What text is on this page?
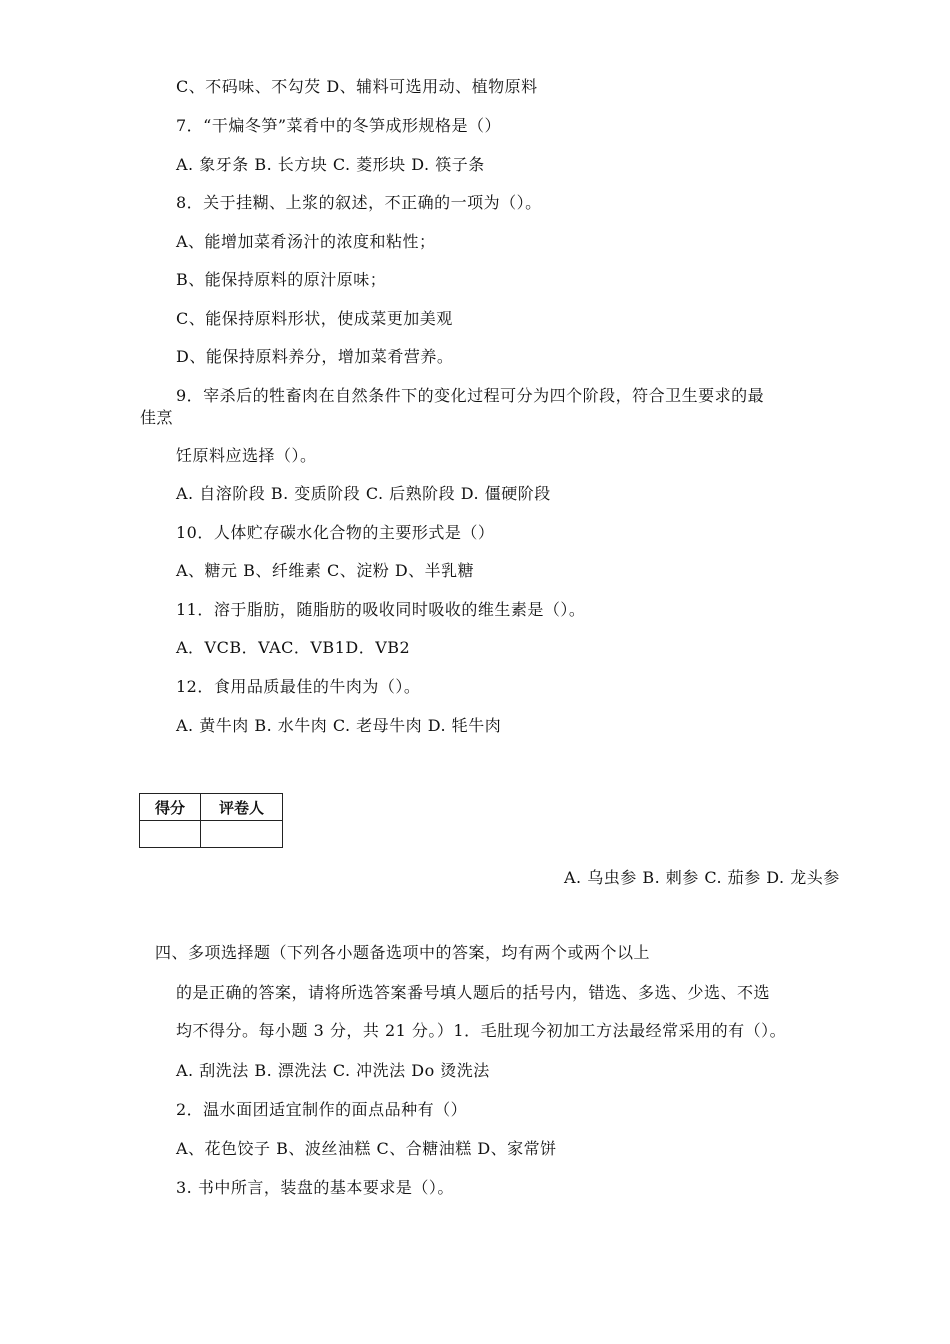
C、不码味、不勾芡 D、辅料可选用动、植物原料
7．“干煸冬笋”菜肴中的冬笋成形规格是（）
A. 象牙条 B. 长方块 C. 菱形块 D. 筷子条
8．关于挂糊、上浆的叙述，不正确的一项为（）。
A、能增加菜肴汤汁的浓度和粘性；
B、能保持原料的原汁原味；
C、能保持原料形状，使成菜更加美观
D、能保持原料养分，增加菜肴营养。
9．宰杀后的牲畜肉在自然条件下的变化过程可分为四个阶段，符合卫生要求的最
佳烹
饪原料应选择（）。
A. 自溶阶段 B. 变质阶段 C. 后熟阶段 D. 僵硬阶段
10．人体贮存碳水化合物的主要形式是（）
A、糖元 B、纤维素 C、淀粉 D、半乳糖
11．溶于脂肪，随脂肪的吸收同时吸收的维生素是（）。
A．VCB．VAC．VB1D．VB2
12．食用品质最佳的牛肉为（）。
A. 黄牛肉 B. 水牛肉 C. 老母牛肉 D. 牦牛肉
得分	评卷人

A. 乌虫参 B. 刺参 C. 茄参 D. 龙头参
四、多项选择题（下列各小题备选项中的答案，均有两个或两个以上
的是正确的答案，请将所选答案番号填人题后的括号内，错选、多选、少选、不选
均不得分。每小题 3 分，共 21 分。）1．毛肚现今初加工方法最经常采用的有（）。
A. 刮洗法 B. 漂洗法 C. 冲洗法 Do 烫洗法
2．温水面团适宜制作的面点品种有（）
A、花色饺子 B、波丝油糕 C、合糖油糕 D、家常饼
3. 书中所言，装盘的基本要求是（）。
